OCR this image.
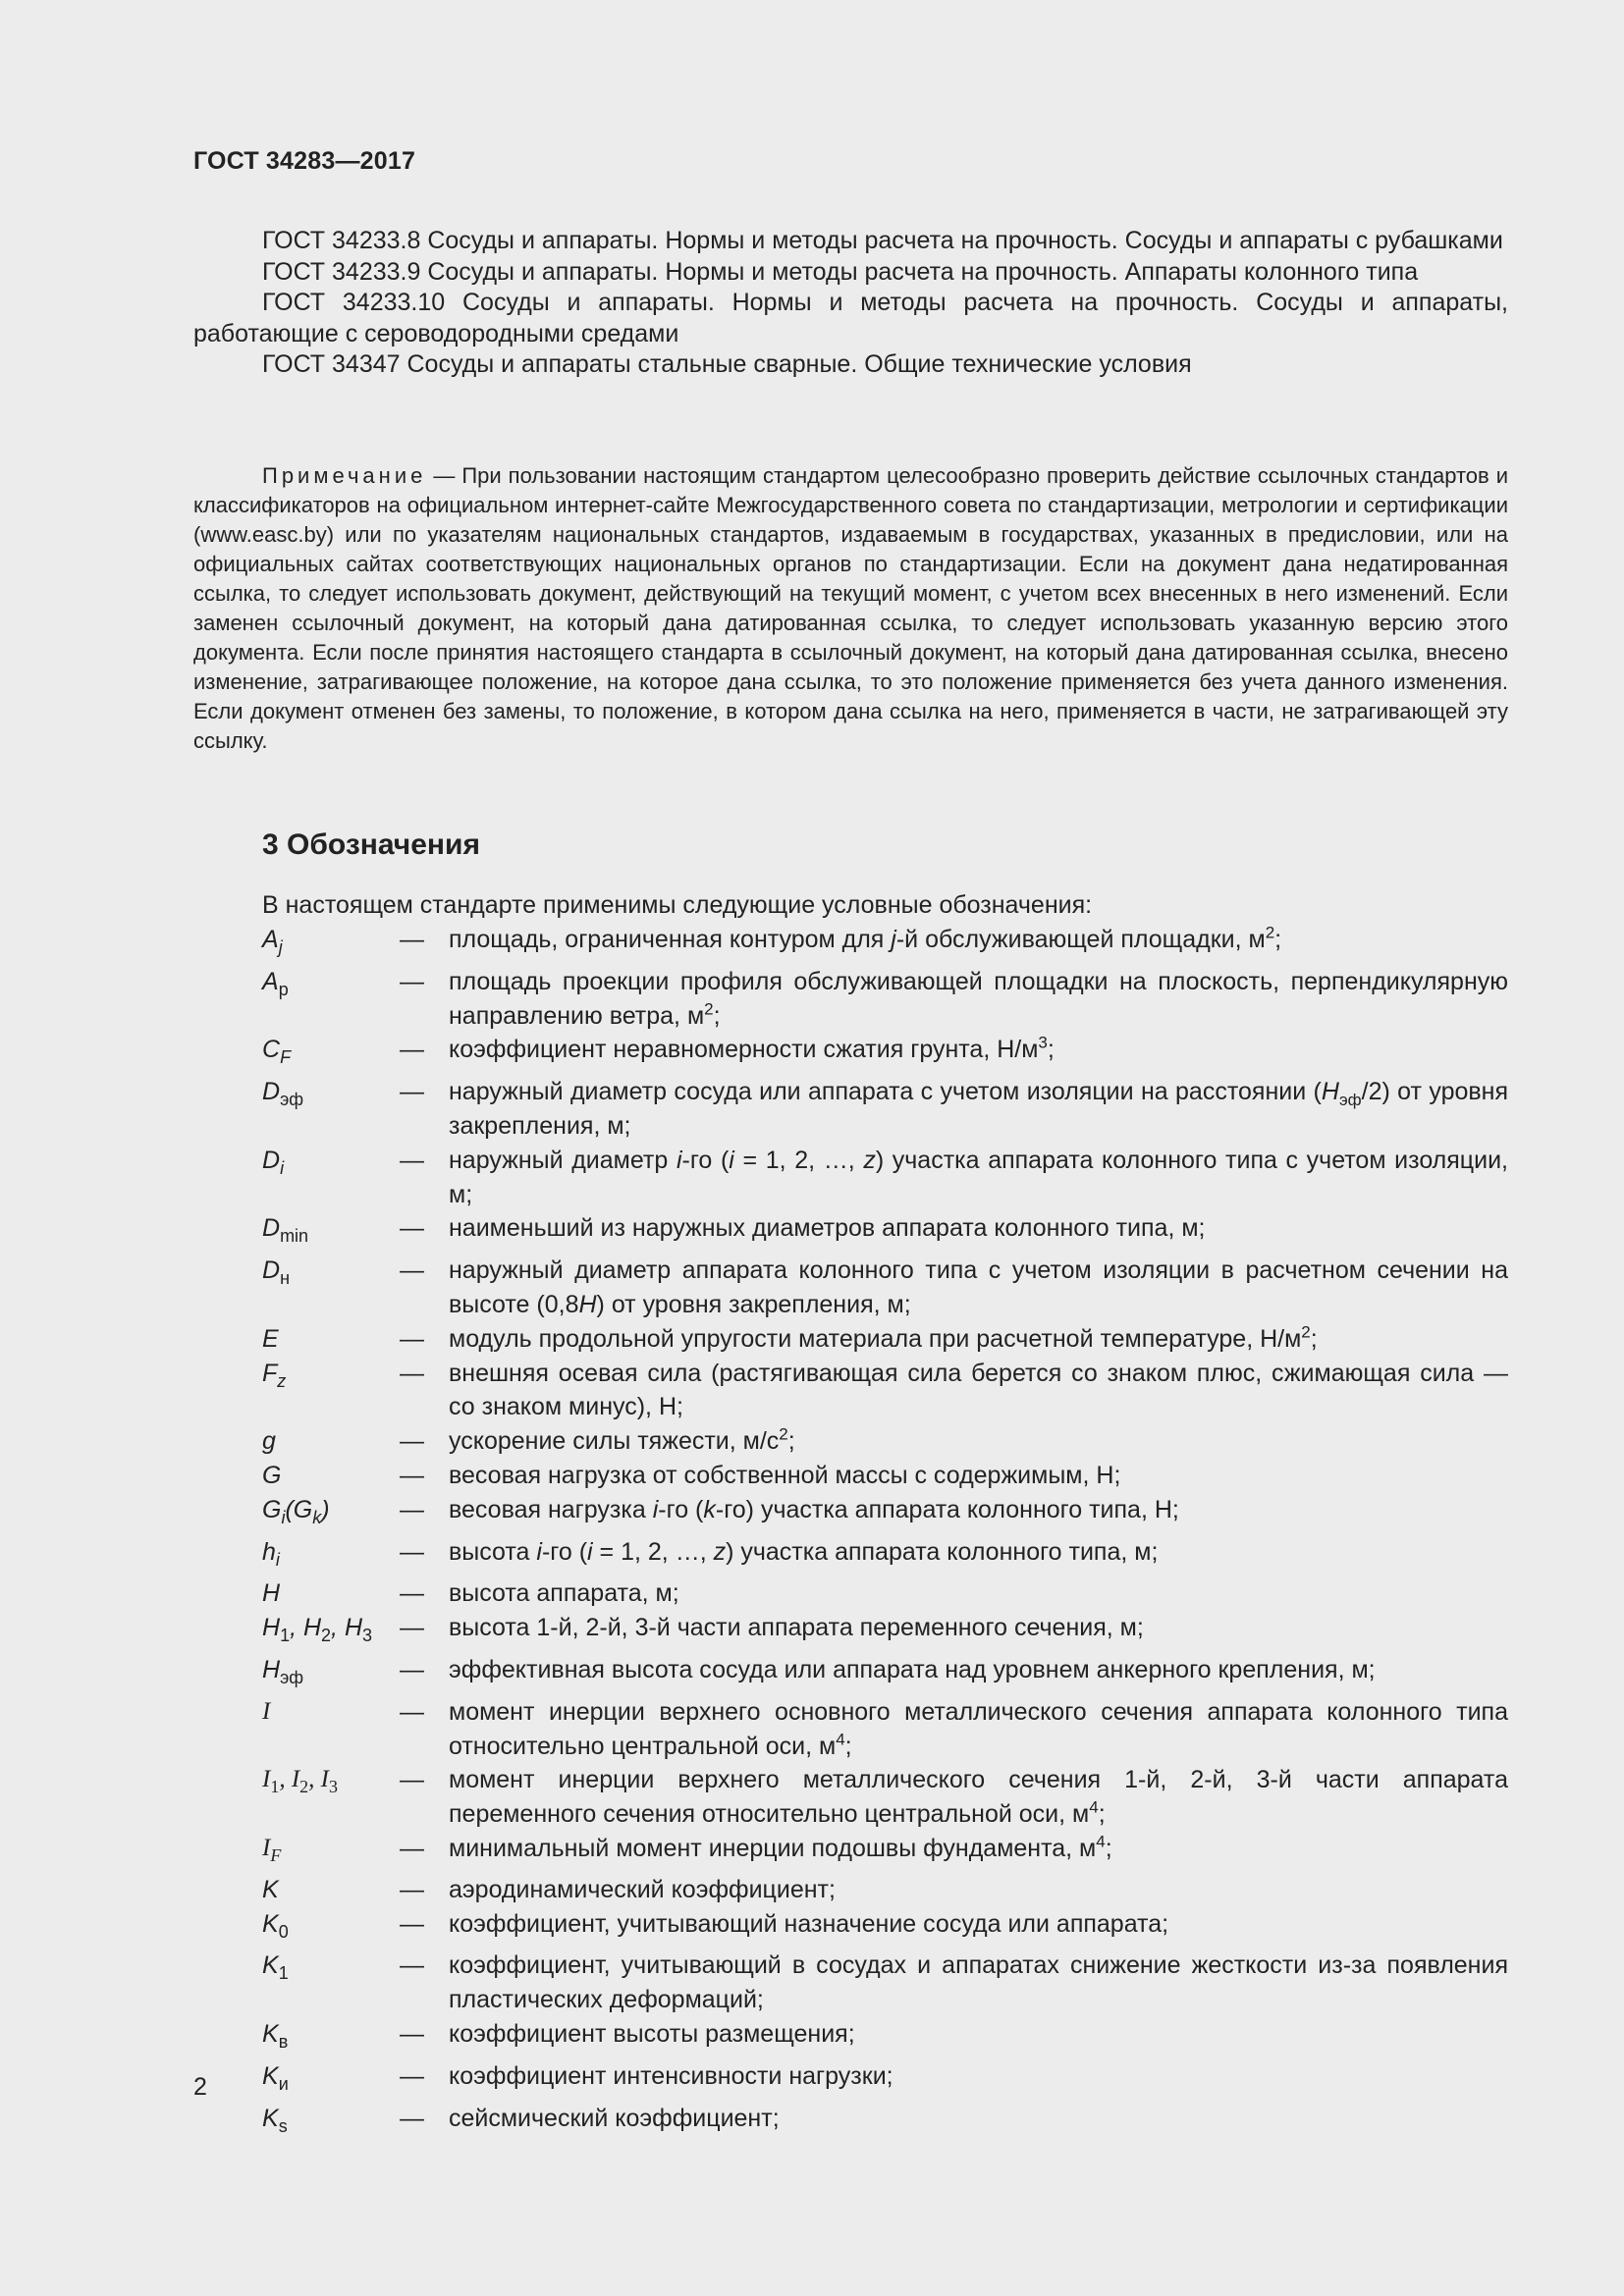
ГОСТ 34283—2017

ГОСТ 34233.8 Сосуды и аппараты. Нормы и методы расчета на прочность. Сосуды и аппараты с рубашками

ГОСТ 34233.9 Сосуды и аппараты. Нормы и методы расчета на прочность. Аппараты колонного типа

ГОСТ 34233.10 Сосуды и аппараты. Нормы и методы расчета на прочность. Сосуды и аппараты, работающие с сероводородными средами

ГОСТ 34347 Сосуды и аппараты стальные сварные. Общие технические условия

Примечание — При пользовании настоящим стандартом целесообразно проверить действие ссылочных стандартов и классификаторов на официальном интернет-сайте Межгосударственного совета по стандартизации, метрологии и сертификации (www.easc.by) или по указателям национальных стандартов, издаваемым в государствах, указанных в предисловии, или на официальных сайтах соответствующих национальных органов по стандартизации. Если на документ дана недатированная ссылка, то следует использовать документ, действующий на текущий момент, с учетом всех внесенных в него изменений. Если заменен ссылочный документ, на который дана датированная ссылка, то следует использовать указанную версию этого документа. Если после принятия настоящего стандарта в ссылочный документ, на который дана датированная ссылка, внесено изменение, затрагивающее положение, на которое дана ссылка, то это положение применяется без учета данного изменения. Если документ отменен без замены, то положение, в котором дана ссылка на него, применяется в части, не затрагивающей эту ссылку.

3 Обозначения
В настоящем стандарте применимы следующие условные обозначения:
$A_j$	—	площадь, ограниченная контуром для j-й обслуживающей площадки, $м^2$;
$A_p$	—	площадь проекции профиля обслуживающей площадки на плоскость, перпендикулярную направлению ветра, $м^2$;
$C_F$	—	коэффициент неравномерности сжатия грунта, $Н/м^3$;
$D_{эф}$	—	наружный диаметр сосуда или аппарата с учетом изоляции на расстоянии $(H_{эф}/2)$ от уровня закрепления, м;
$D_i$	—	наружный диаметр i-го (i = 1, 2, …, z) участка аппарата колонного типа с учетом изоляции, м;
$D_{min}$	—	наименьший из наружных диаметров аппарата колонного типа, м;
$D_н$	—	наружный диаметр аппарата колонного типа с учетом изоляции в расчетном сечении на высоте (0,8H) от уровня закрепления, м;
E	—	модуль продольной упругости материала при расчетной температуре, $Н/м^2$;
$F_z$	—	внешняя осевая сила (растягивающая сила берется со знаком плюс, сжимающая сила — со знаком минус), Н;
g	—	ускорение силы тяжести, $м/с^2$;
G	—	весовая нагрузка от собственной массы с содержимым, Н;
$G_i(G_k)$	—	весовая нагрузка i-го (k-го) участка аппарата колонного типа, Н;
$h_i$	—	высота i-го (i = 1, 2, …, z) участка аппарата колонного типа, м;
H	—	высота аппарата, м;
$H_1$, $H_2$, $H_3$	—	высота 1-й, 2-й, 3-й части аппарата переменного сечения, м;
$H_{эф}$	—	эффективная высота сосуда или аппарата над уровнем анкерного крепления, м;
I	—	момент инерции верхнего основного металлического сечения аппарата колонного типа относительно центральной оси, $м^4$;
$I_1$, $I_2$, $I_3$	—	момент инерции верхнего металлического сечения 1-й, 2-й, 3-й части аппарата переменного сечения относительно центральной оси, $м^4$;
$I_F$	—	минимальный момент инерции подошвы фундамента, $м^4$;
K	—	аэродинамический коэффициент;
$K_0$	—	коэффициент, учитывающий назначение сосуда или аппарата;
$K_1$	—	коэффициент, учитывающий в сосудах и аппаратах снижение жесткости из-за появления пластических деформаций;
$K_в$	—	коэффициент высоты размещения;
$K_и$	—	коэффициент интенсивности нагрузки;
$K_s$	—	сейсмический коэффициент;
2
